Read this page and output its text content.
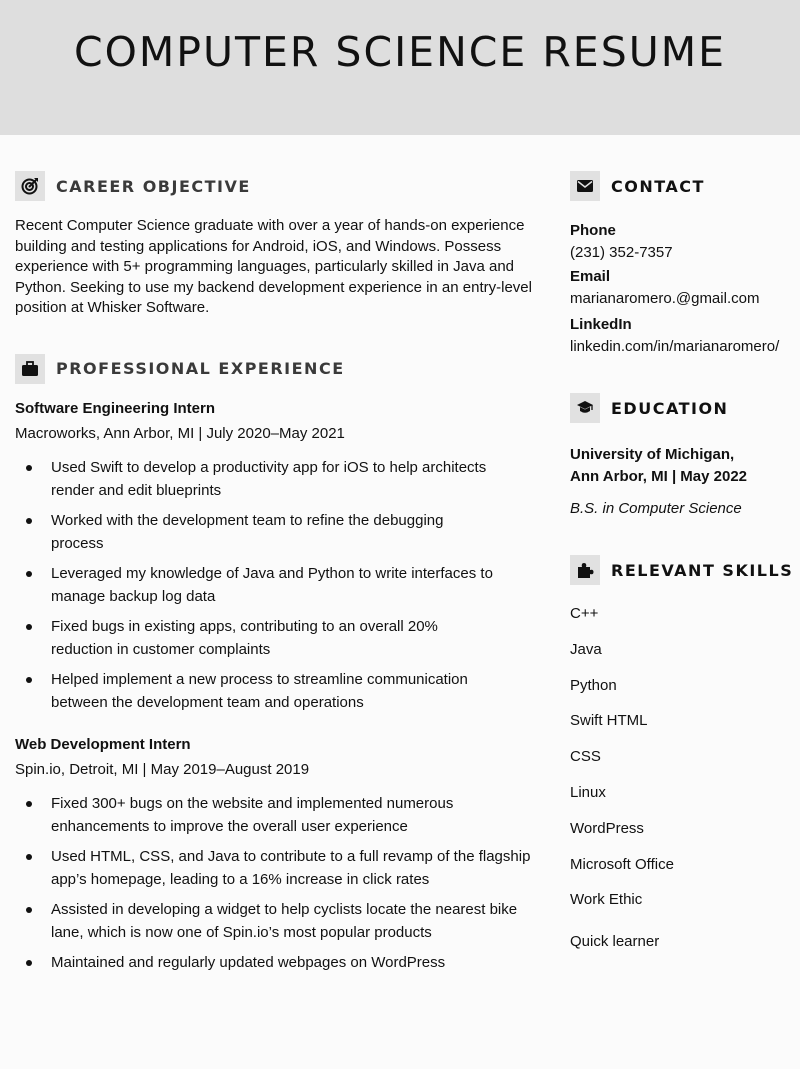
COMPUTER SCIENCE RESUME
CAREER OBJECTIVE

Recent Computer Science graduate with over a year of hands-on experience building and testing applications for Android, iOS, and Windows. Possess experience with 5+ programming languages, particularly skilled in Java and Python. Seeking to use my backend development experience in an entry-level position at Whisker Software.

PROFESSIONAL EXPERIENCE
Software Engineering Intern
Macroworks, Ann Arbor, MI | July 2020–May 2021
Used Swift to develop a productivity app for iOS to help architects render and edit blueprints
Worked with the development team to refine the debugging process
Leveraged my knowledge of Java and Python to write interfaces to manage backup log data
Fixed bugs in existing apps, contributing to an overall 20% reduction in customer complaints
Helped implement a new process to streamline communication between the development team and operations
Web Development Intern
Spin.io, Detroit, MI | May 2019–August 2019
Fixed 300+ bugs on the website and implemented numerous enhancements to improve the overall user experience
Used HTML, CSS, and Java to contribute to a full revamp of the flagship app’s homepage, leading to a 16% increase in click rates
Assisted in developing a widget to help cyclists locate the nearest bike lane, which is now one of Spin.io’s most popular products
Maintained and regularly updated webpages on WordPress
CONTACT
Phone
(231) 352-7357
Email
marianaromero.@gmail.com
LinkedIn
linkedin.com/in/marianaromero/
EDUCATION
University of Michigan,
Ann Arbor, MI | May 2022
B.S. in Computer Science
RELEVANT SKILLS
C++
Java
Python
Swift HTML
CSS
Linux
WordPress
Microsoft Office
Work Ethic
Quick learner
